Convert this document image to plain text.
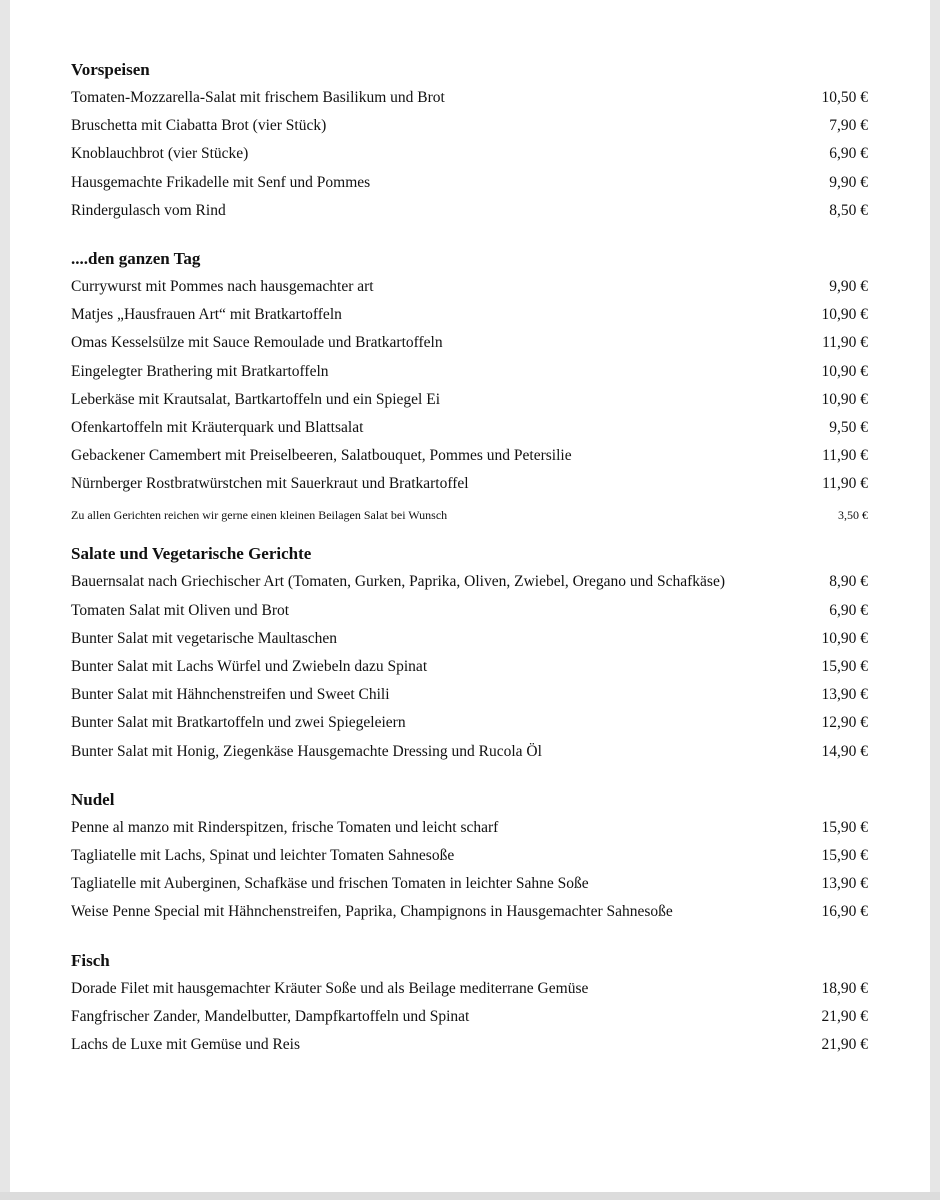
Vorspeisen
Tomaten-Mozzarella-Salat mit frischem Basilikum und Brot	10,50 €
Bruschetta mit Ciabatta Brot (vier Stück)	7,90 €
Knoblauchbrot (vier Stücke)	6,90 €
Hausgemachte Frikadelle mit Senf und Pommes	9,90 €
Rindergulasch vom Rind	8,50 €
....den ganzen Tag
Currywurst mit Pommes nach hausgemachter art	9,90 €
Matjes „Hausfrauen Art“ mit Bratkartoffeln	10,90 €
Omas Kesselsülze mit Sauce Remoulade und Bratkartoffeln	11,90 €
Eingelegter Brathering mit Bratkartoffeln	10,90 €
Leberkäse mit Krautsalat, Bartkartoffeln und ein Spiegel Ei	10,90 €
Ofenkartoffeln mit Kräuterquark und Blattsalat	9,50 €
Gebackener Camembert mit Preiselbeeren, Salatbouquet, Pommes und Petersilie	11,90 €
Nürnberger Rostbratwürstchen mit Sauerkraut und Bratkartoffel	11,90 €
Zu allen Gerichten reichen wir gerne einen kleinen Beilagen Salat bei Wunsch	3,50 €
Salate und Vegetarische Gerichte
Bauernsalat nach Griechischer Art (Tomaten, Gurken, Paprika, Oliven, Zwiebel, Oregano und Schafkäse)	8,90 €
Tomaten Salat mit Oliven und Brot	6,90 €
Bunter Salat mit vegetarische Maultaschen	10,90 €
Bunter Salat mit Lachs Würfel und Zwiebeln dazu Spinat	15,90 €
Bunter Salat mit Hähnchenstreifen und Sweet Chili	13,90 €
Bunter Salat mit Bratkartoffeln und zwei Spiegeleiern	12,90 €
Bunter Salat mit Honig, Ziegenkäse Hausgemachte Dressing und Rucola Öl	14,90 €
Nudel
Penne al manzo mit Rinderspitzen, frische Tomaten und leicht scharf	15,90 €
Tagliatelle mit Lachs, Spinat und leichter Tomaten Sahnesoße	15,90 €
Tagliatelle mit Auberginen, Schafkäse und frischen Tomaten in leichter Sahne Soße	13,90 €
Weise Penne Special mit Hähnchenstreifen, Paprika, Champignons in Hausgemachter Sahnesoße	16,90 €
Fisch
Dorade Filet mit hausgemachter Kräuter Soße und als Beilage mediterrane Gemüse	18,90 €
Fangfrischer Zander, Mandelbutter, Dampfkartoffeln und Spinat	21,90 €
Lachs de Luxe mit Gemüse und Reis	21,90 €
